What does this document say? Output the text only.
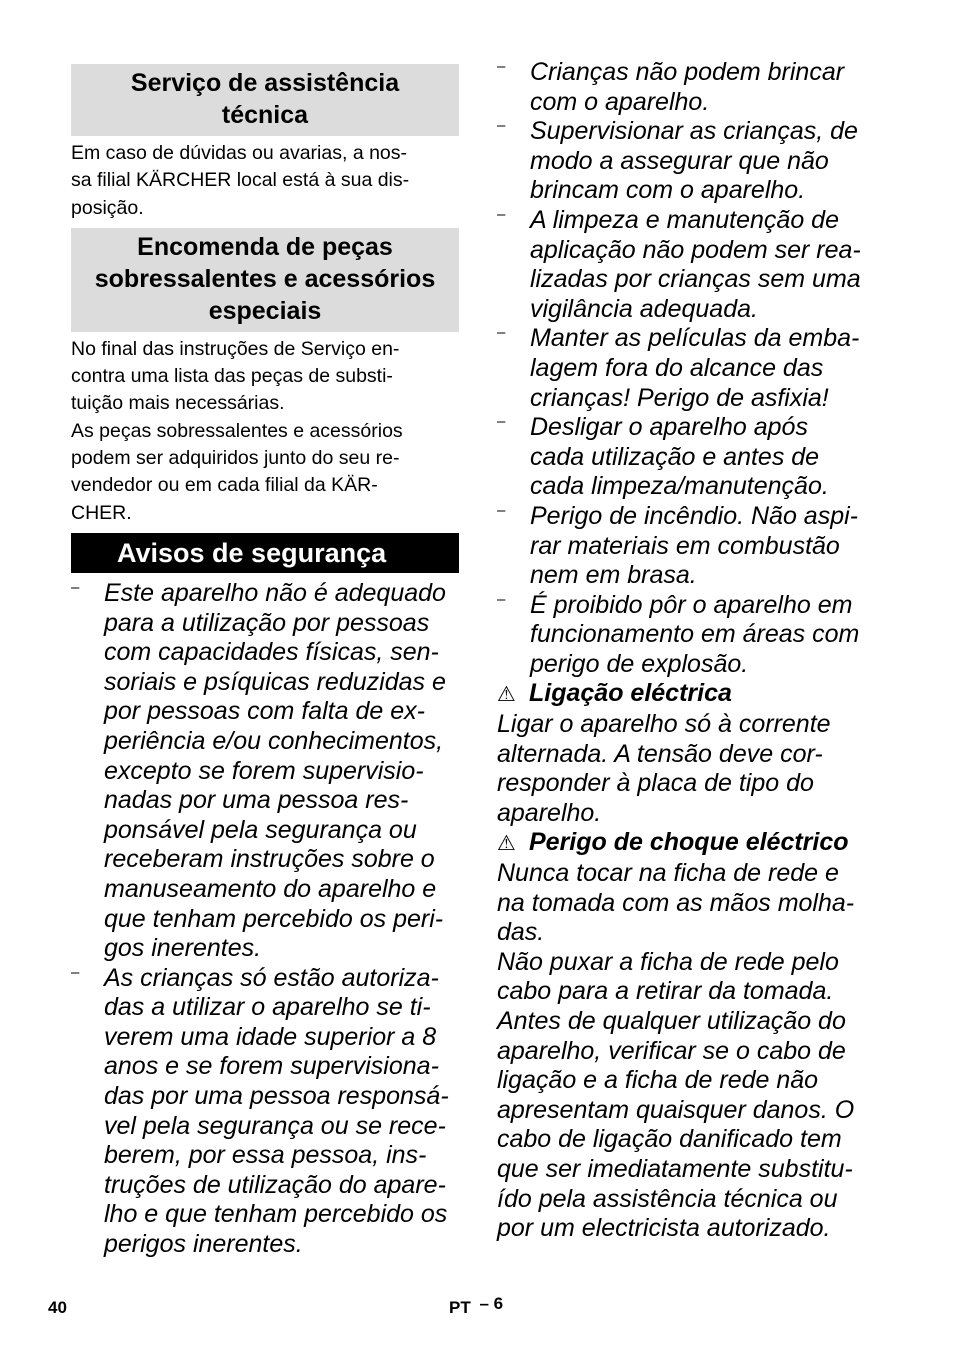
Serviço de assistência
técnica
Em caso de dúvidas ou avarias, a nos-
sa filial KÄRCHER local está à sua dis-
posição.
Encomenda de peças
sobressalentes e acessórios
especiais
No final das instruções de Serviço en-
contra uma lista das peças de substi-
tuição mais necessárias.
As peças sobressalentes e acessórios
podem ser adquiridos junto do seu re-
vendedor ou em cada filial da KÄR-
CHER.
Avisos de segurança
– Este aparelho não é adequado
para a utilização por pessoas
com capacidades físicas, sen-
soriais e psíquicas reduzidas e
por pessoas com falta de ex-
periência e/ou conhecimentos,
excepto se forem supervisio-
nadas por uma pessoa res-
ponsável pela segurança ou
receberam instruções sobre o
manuseamento do aparelho e
que tenham percebido os peri-
gos inerentes.
– As crianças só estão autoriza-
das a utilizar o aparelho se ti-
verem uma idade superior a 8
anos e se forem supervisiona-
das por uma pessoa responsá-
vel pela segurança ou se rece-
berem, por essa pessoa, ins-
truções de utilização do apare-
lho e que tenham percebido os
perigos inerentes.
– Crianças não podem brincar
com o aparelho.
– Supervisionar as crianças, de
modo a assegurar que não
brincam com o aparelho.
– A limpeza e manutenção de
aplicação não podem ser rea-
lizadas por crianças sem uma
vigilância adequada.
– Manter as películas da emba-
lagem fora do alcance das
crianças! Perigo de asfixia!
– Desligar o aparelho após
cada utilização e antes de
cada limpeza/manutenção.
– Perigo de incêndio. Não aspi-
rar materiais em combustão
nem em brasa.
– É proibido pôr o aparelho em
funcionamento em áreas com
perigo de explosão.
⚠ Ligação eléctrica
Ligar o aparelho só à corrente
alternada. A tensão deve cor-
responder à placa de tipo do
aparelho.
⚠ Perigo de choque eléctrico
Nunca tocar na ficha de rede e
na tomada com as mãos molha-
das.
Não puxar a ficha de rede pelo
cabo para a retirar da tomada.
Antes de qualquer utilização do
aparelho, verificar se o cabo de
ligação e a ficha de rede não
apresentam quaisquer danos. O
cabo de ligação danificado tem
que ser imediatamente substitu-
ído pela assistência técnica ou
por um electricista autorizado.
40	PT – 6
